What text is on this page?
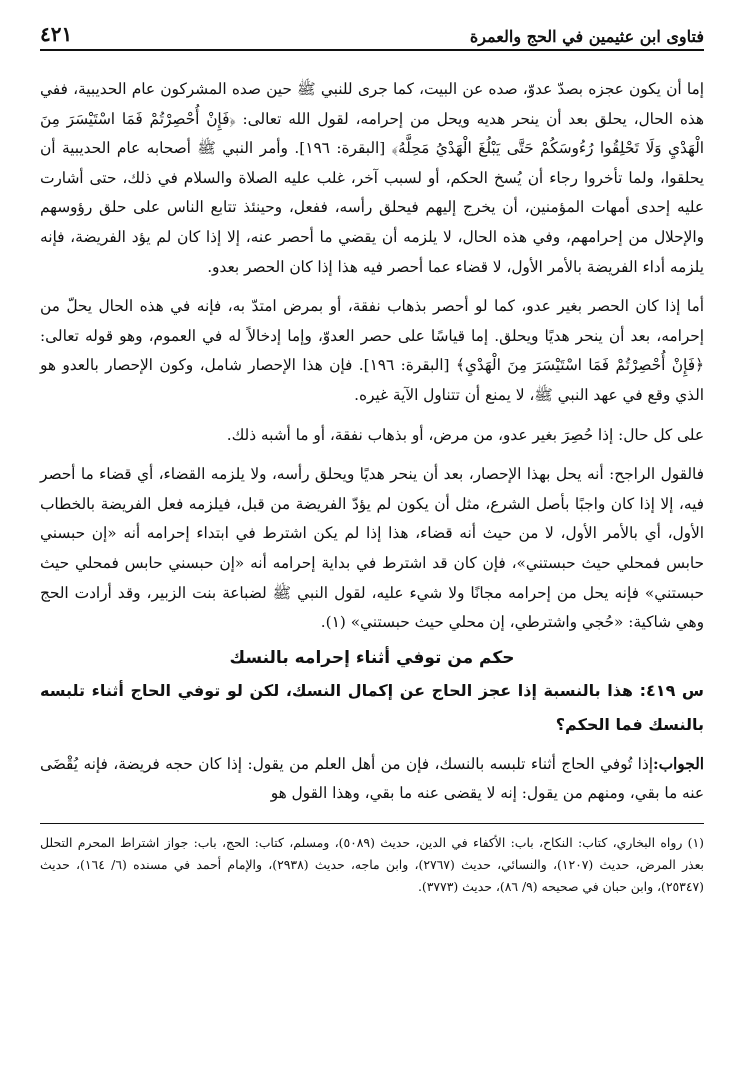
فتاوى ابن عثيمين في الحج والعمرة
٤٢١

إما أن يكون عجزه بصدّ عدوّ، صده عن البيت، كما جرى للنبي ﷺ حين صده المشركون عام الحديبية، ففي هذه الحال، يحلق بعد أن ينحر هديه ويحل من إحرامه، لقول الله تعالى: ﴿فَإِنْ أُحْصِرْتُمْ فَمَا اسْتَيْسَرَ مِنَ الْهَدْيِ وَلَا تَحْلِقُوا رُءُوسَكُمْ حَتَّى يَبْلُغَ الْهَدْيُ مَحِلَّهُ﴾ [البقرة: ١٩٦]. وأمر النبي ﷺ أصحابه عام الحديبية أن يحلقوا، ولما تأخروا رجاء أن يُسخ الحكم، أو لسبب آخر، غلب عليه الصلاة والسلام في ذلك، حتى أشارت عليه إحدى أمهات المؤمنين، أن يخرج إليهم فيحلق رأسه، ففعل، وحينئذ تتابع الناس على حلق رؤوسهم والإحلال من إحرامهم، وفي هذه الحال، لا يلزمه أن يقضي ما أحصر عنه، إلا إذا كان لم يؤد الفريضة، فإنه يلزمه أداء الفريضة بالأمر الأول، لا قضاء عما أحصر فيه هذا إذا كان الحصر بعدو.

أما إذا كان الحصر بغير عدو، كما لو أحصر بذهاب نفقة، أو بمرض امتدّ به، فإنه في هذه الحال يحلّ من إحرامه، بعد أن ينحر هديًا ويحلق. إما قياسًا على حصر العدوّ، وإما إدخالاً له في العموم، وهو قوله تعالى: ﴿فَإِنْ أُحْصِرْتُمْ فَمَا اسْتَيْسَرَ مِنَ الْهَدْيِ﴾ [البقرة: ١٩٦]. فإن هذا الإحصار شامل، وكون الإحصار بالعدو هو الذي وقع في عهد النبي ﷺ، لا يمنع أن تتناول الآية غيره.

على كل حال: إذا حُصِرَ بغير عدو، من مرض، أو بذهاب نفقة، أو ما أشبه ذلك.

فالقول الراجح: أنه يحل بهذا الإحصار، بعد أن ينحر هديًا ويحلق رأسه، ولا يلزمه القضاء، أي قضاء ما أحصر فيه، إلا إذا كان واجبًا بأصل الشرع، مثل أن يكون لم يؤدّ الفريضة من قبل، فيلزمه فعل الفريضة بالخطاب الأول، أي بالأمر الأول، لا من حيث أنه قضاء، هذا إذا لم يكن اشترط في ابتداء إحرامه أنه «إن حبسني حابس فمحلي حيث حبستني»، فإن كان قد اشترط في بداية إحرامه أنه «إن حبسني حابس فمحلي حيث حبستني» فإنه يحل من إحرامه مجانًا ولا شيء عليه، لقول النبي ﷺ لضباعة بنت الزبير، وقد أرادت الحج وهي شاكية: «حُجي واشترطي، إن محلي حيث حبستني» (١).

حكم من توفي أثناء إحرامه بالنسك

س ٤١٩: هذا بالنسبة إذا عجز الحاج عن إكمال النسك، لكن لو توفي الحاج أثناء تلبسه بالنسك فما الحكم؟

الجواب:إذا تُوفي الحاج أثناء تلبسه بالنسك، فإن من أهل العلم من يقول: إذا كان حجه فريضة، فإنه يُقْضَى عنه ما بقي، ومنهم من يقول: إنه لا يقضى عنه ما بقي، وهذا القول هو

(١) رواه البخاري، كتاب: النكاح، باب: الأكفاء في الدين، حديث (٥٠٨٩)، ومسلم، كتاب: الحج، باب: جواز اشتراط المحرم التحلل بعذر المرض، حديث (١٢٠٧)، والنسائي، حديث (٢٧٦٧)، وابن ماجه، حديث (٢٩٣٨)، والإمام أحمد في مسنده (٦/ ١٦٤)، حديث (٢٥٣٤٧)، وابن حبان في صحيحه (٩/ ٨٦)، حديث (٣٧٧٣).
